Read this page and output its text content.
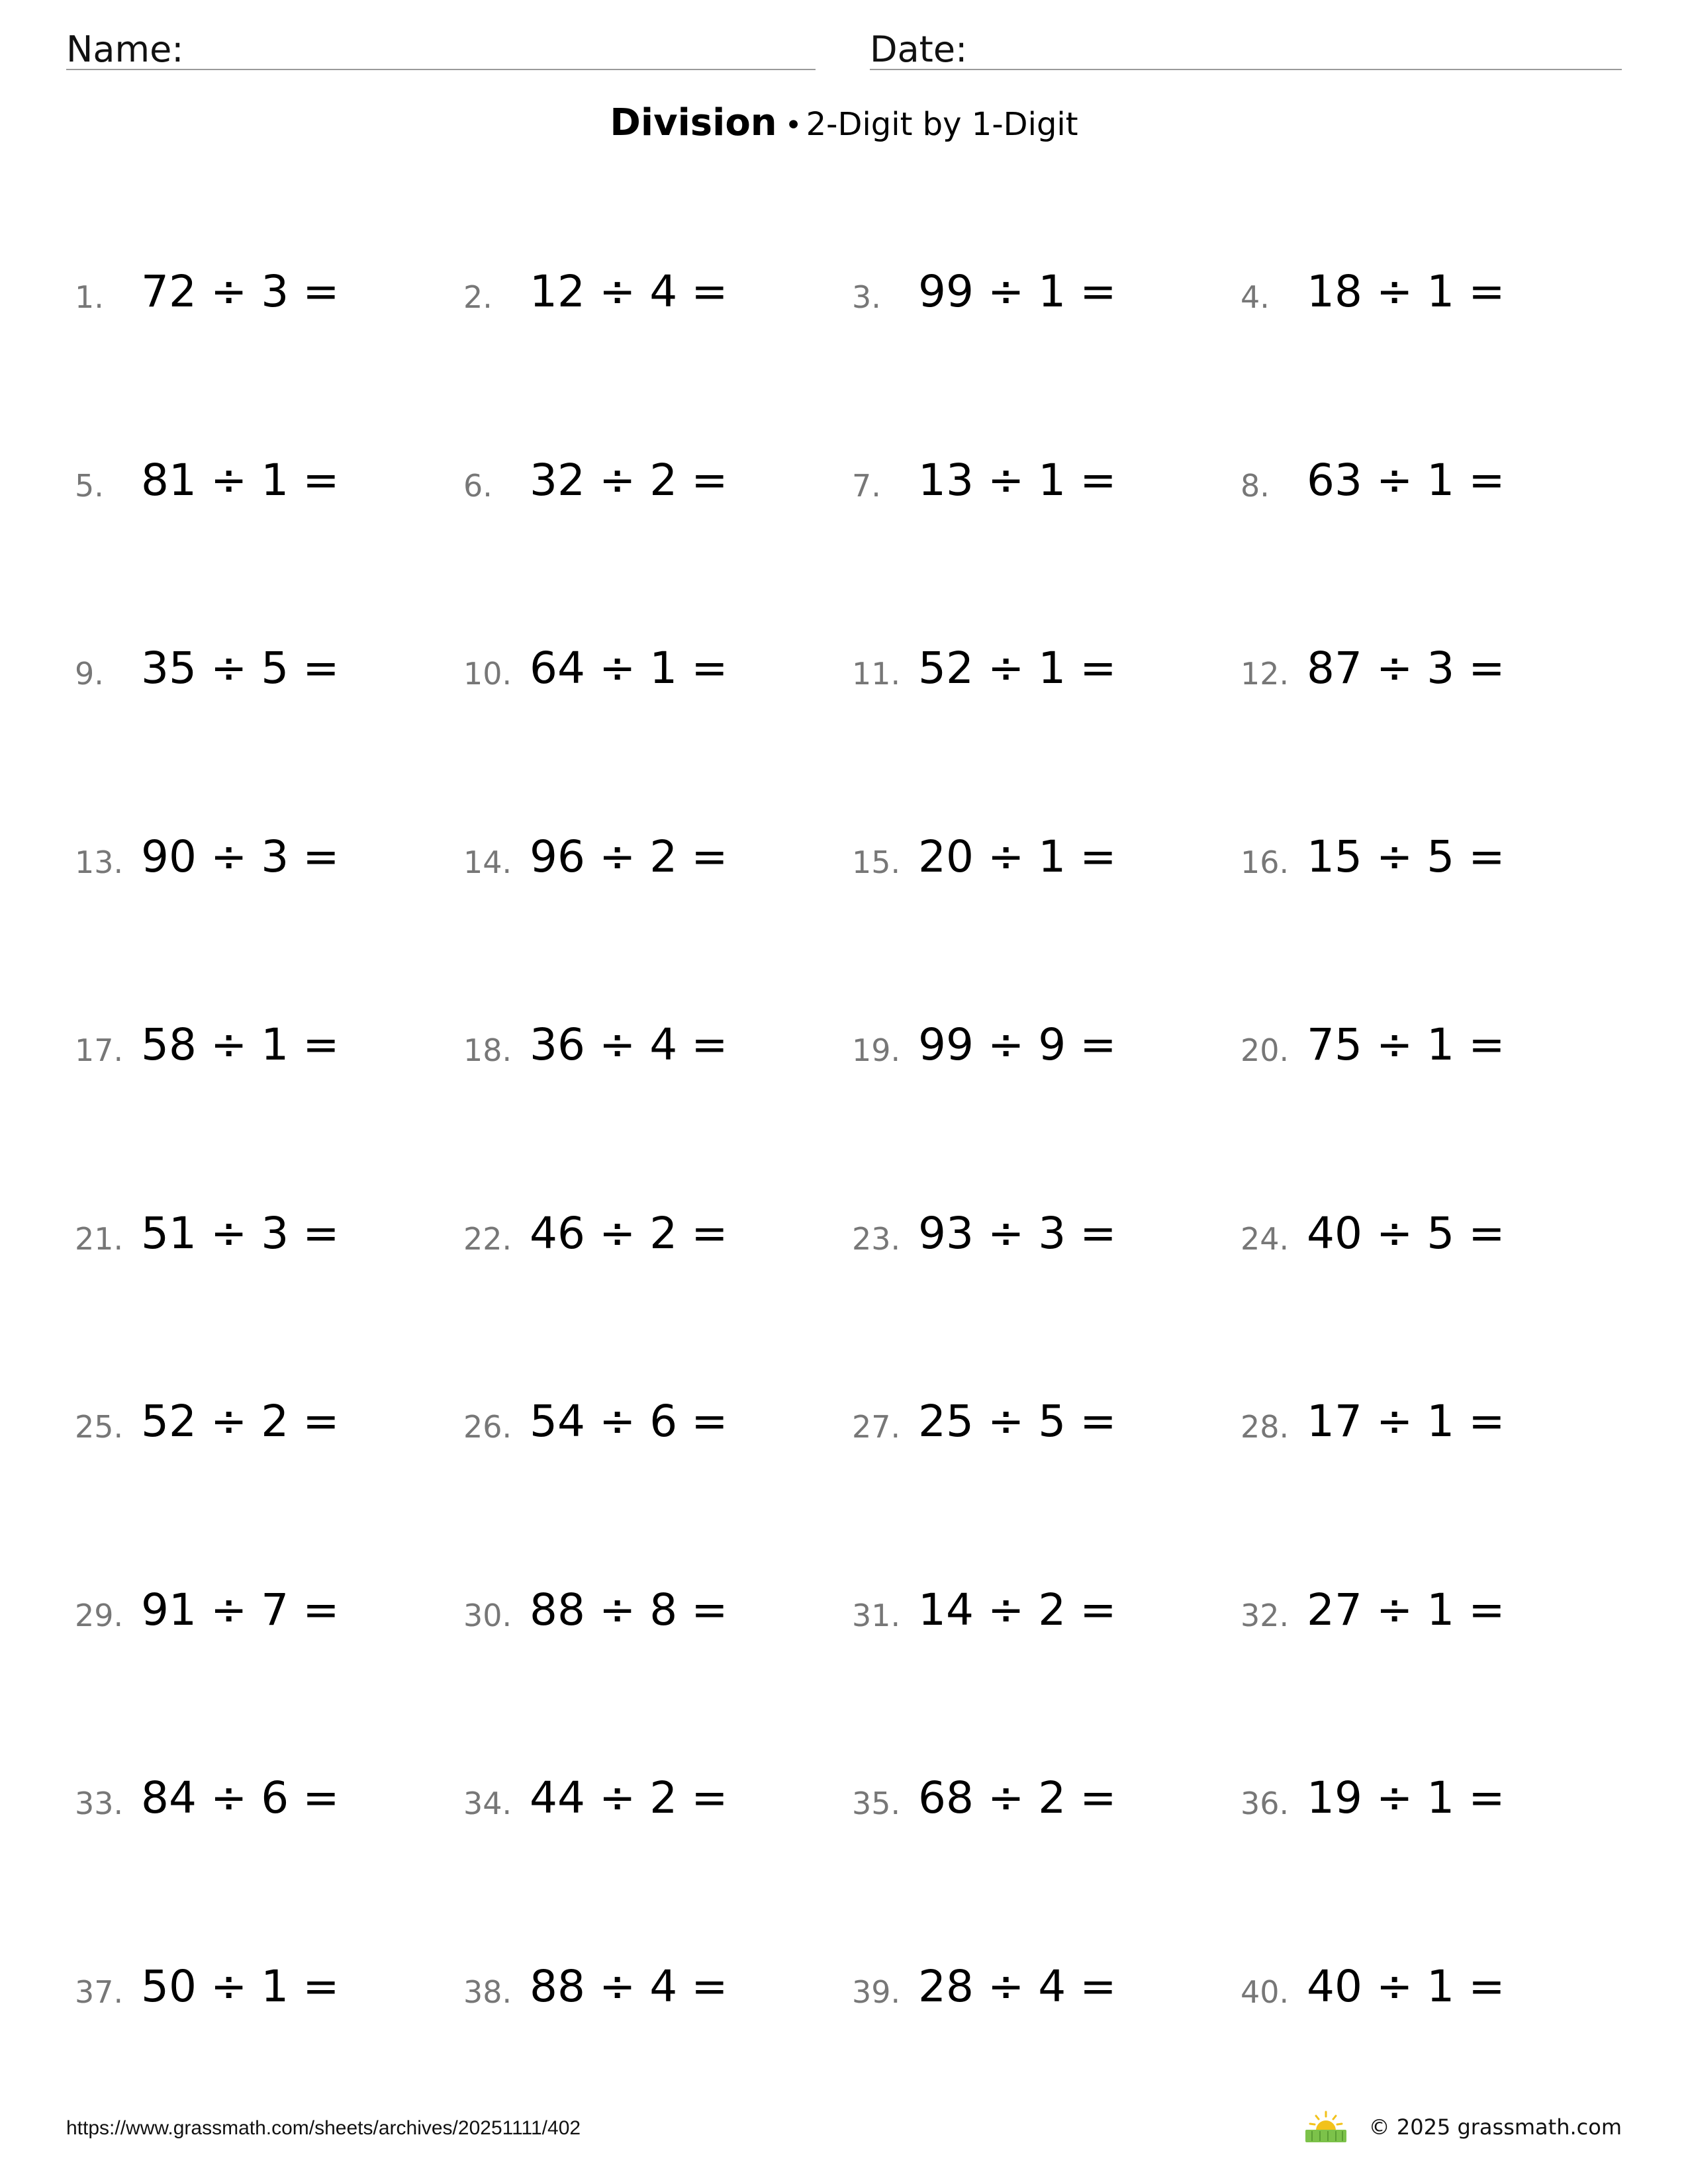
Name:	Date:
Division • 2-Digit by 1-Digit
1. 72 ÷ 3 =	2. 12 ÷ 4 =	3. 99 ÷ 1 =	4. 18 ÷ 1 =
5. 81 ÷ 1 =	6. 32 ÷ 2 =	7. 13 ÷ 1 =	8. 63 ÷ 1 =
9. 35 ÷ 5 =	10. 64 ÷ 1 =	11. 52 ÷ 1 =	12. 87 ÷ 3 =
13. 90 ÷ 3 =	14. 96 ÷ 2 =	15. 20 ÷ 1 =	16. 15 ÷ 5 =
17. 58 ÷ 1 =	18. 36 ÷ 4 =	19. 99 ÷ 9 =	20. 75 ÷ 1 =
21. 51 ÷ 3 =	22. 46 ÷ 2 =	23. 93 ÷ 3 =	24. 40 ÷ 5 =
25. 52 ÷ 2 =	26. 54 ÷ 6 =	27. 25 ÷ 5 =	28. 17 ÷ 1 =
29. 91 ÷ 7 =	30. 88 ÷ 8 =	31. 14 ÷ 2 =	32. 27 ÷ 1 =
33. 84 ÷ 6 =	34. 44 ÷ 2 =	35. 68 ÷ 2 =	36. 19 ÷ 1 =
37. 50 ÷ 1 =	38. 88 ÷ 4 =	39. 28 ÷ 4 =	40. 40 ÷ 1 =
https://www.grassmath.com/sheets/archives/20251111/402	© 2025 grassmath.com
